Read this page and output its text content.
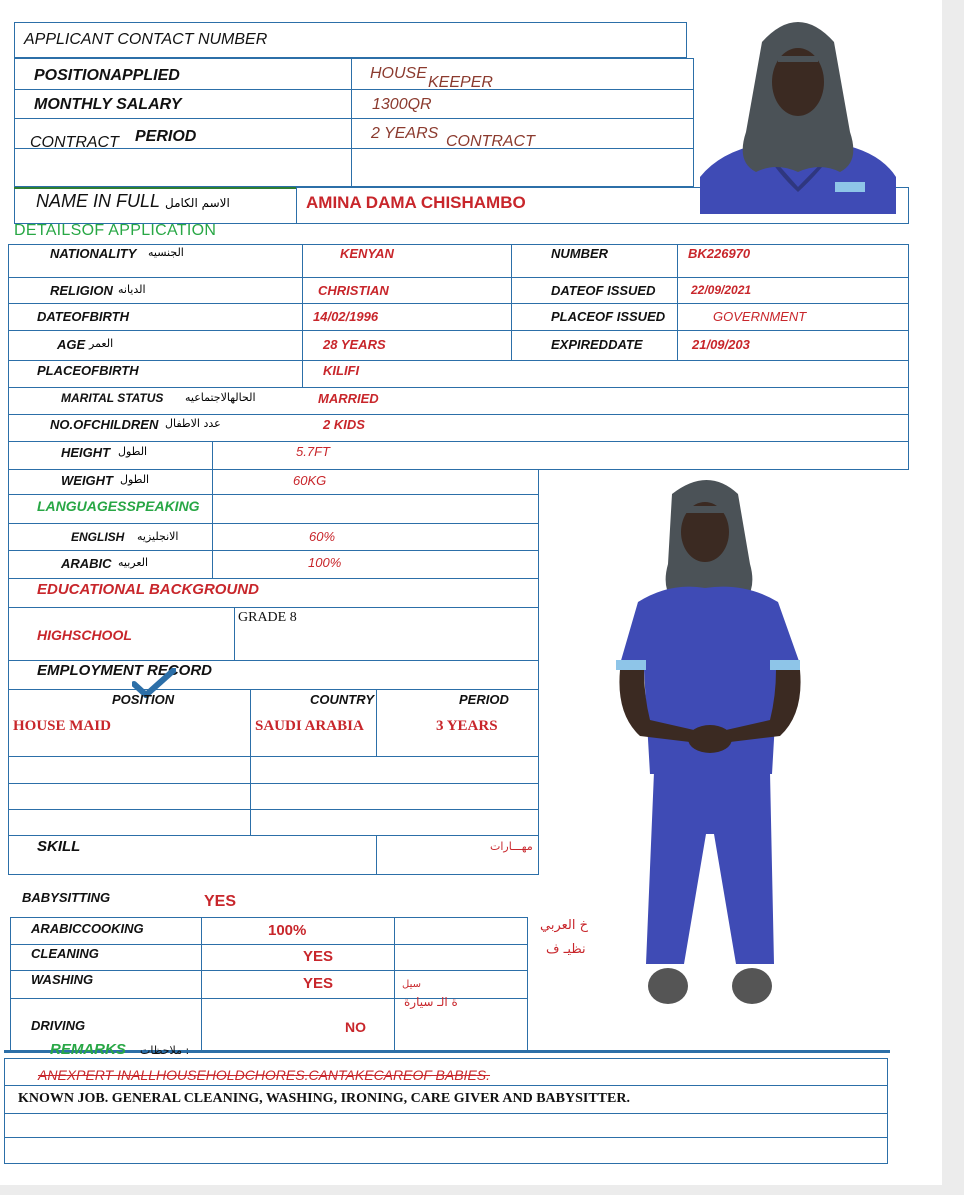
APPLICANT CONTACT NUMBER
POSITIONAPPLIED	HOUSE
KEEPER
MONTHLY SALARY	1300QR
CONTRACT PERIOD	2 YEARS CONTRACT
NAME IN FULL الاسم الكامل	AMINA DAMA CHISHAMBO
DETAILSOF APPLICATION
NATIONALITY الجنسيه	KENYAN	NUMBER	BK226970
RELIGION الديانه	CHRISTIAN	DATEOF ISSUED	22/09/2021
DATEOFBIRTH	14/02/1996	PLACEOF ISSUED	GOVERNMENT
AGE العمر	28 YEARS	EXPIREDDATE	21/09/203
PLACEOFBIRTH	KILIFI
MARITAL STATUS الحالهالاجتماعيه	MARRIED
NO.OFCHILDREN عدد الاطفال	2 KIDS
HEIGHT الطول	5.7FT
WEIGHT الطول	60KG
LANGUAGESSPEAKING
ENGLISH الانجليزيه	60%
ARABIC العربيه	100%
EDUCATIONAL BACKGROUND
HIGHSCHOOL
GRADE 8
EMPLOYMENT RECORD
POSITION	COUNTRY	PERIOD
HOUSE MAID	SAUDI ARABIA	3 YEARS
SKILL	مهـــارات
BABYSITTING	YES
ARABICCOOKING	100%	خ العربي
CLEANING	YES	نظيـ ف
WASHING	YES	سيل
ة الـ سيارة
DRIVING	NO
REMARKS ملاحظات :
ANEXPERT INALLHOUSEHOLDCHORES.CANTAKECAREOF BABIES.
KNOWN JOB. GENERAL CLEANING, WASHING, IRONING, CARE GIVER AND BABYSITTER.
